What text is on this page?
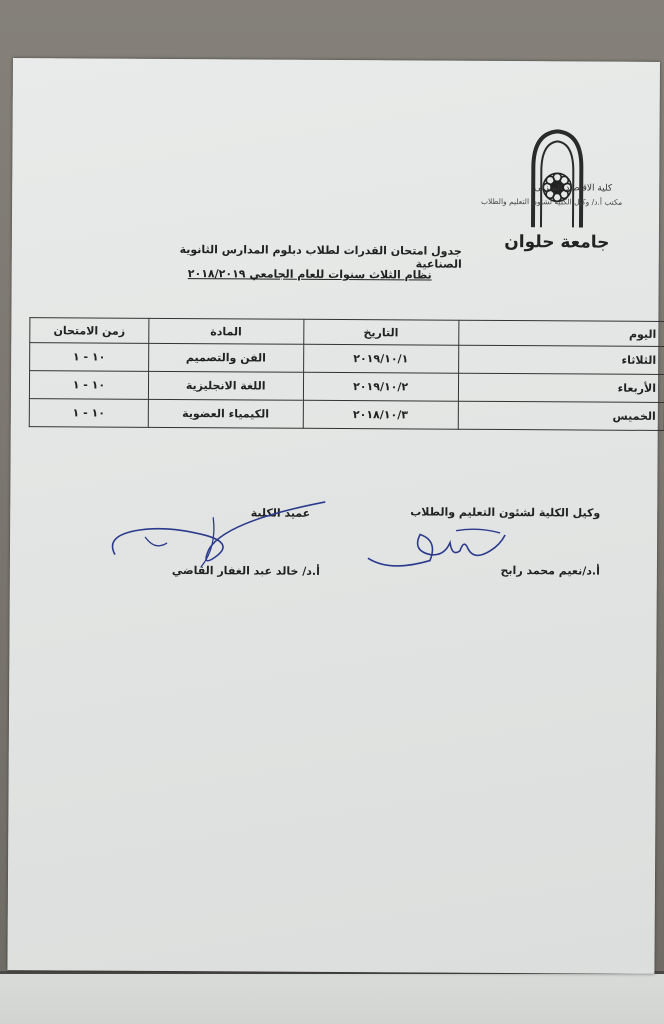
جامعة حلوان
كلية الاقتصاد المنزلى
مكتب أ.د/ وكيل الكلية لشئون التعليم والطلاب
جدول امتحان القدرات لطلاب دبلوم المدارس الثانوية الصناعية
نظام الثلاث سنوات للعام الجامعي ٢٠١٨/٢٠١٩
اليوم	التاريخ	المادة	زمن الامتحان
الثلاثاء	٢٠١٩/١٠/١	الفن والتصميم	١٠ - ١
الأربعاء	٢٠١٩/١٠/٢	اللغة الانجليزية	١٠ - ١
الخميس	٢٠١٨/١٠/٣	الكيمياء العضوية	١٠ - ١
وكيل الكلية لشئون التعليم والطلاب
أ.د/نعيم محمد رابح
عميد الكلية
أ.د/ خالد عبد الغفار القاضي
